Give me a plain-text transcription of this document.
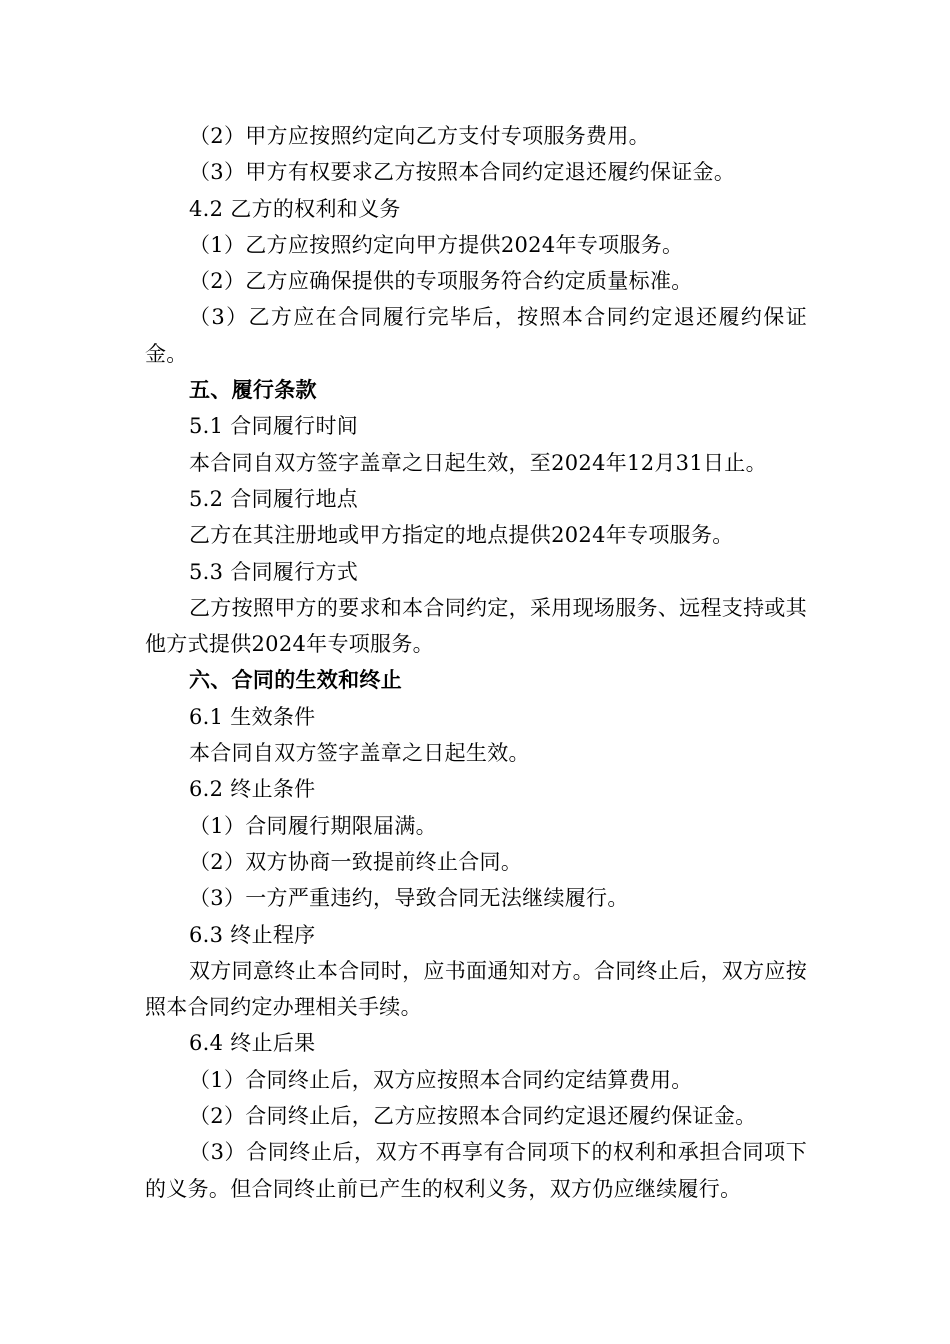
（2）甲方应按照约定向乙方支付专项服务费用。
（3）甲方有权要求乙方按照本合同约定退还履约保证金。
4.2 乙方的权利和义务
（1）乙方应按照约定向甲方提供2024年专项服务。
（2）乙方应确保提供的专项服务符合约定质量标准。
（3）乙方应在合同履行完毕后，按照本合同约定退还履约保证金。
五、履行条款
5.1 合同履行时间
本合同自双方签字盖章之日起生效，至2024年12月31日止。
5.2 合同履行地点
乙方在其注册地或甲方指定的地点提供2024年专项服务。
5.3 合同履行方式
乙方按照甲方的要求和本合同约定，采用现场服务、远程支持或其他方式提供2024年专项服务。
六、合同的生效和终止
6.1 生效条件
本合同自双方签字盖章之日起生效。
6.2 终止条件
（1）合同履行期限届满。
（2）双方协商一致提前终止合同。
（3）一方严重违约，导致合同无法继续履行。
6.3 终止程序
双方同意终止本合同时，应书面通知对方。合同终止后，双方应按照本合同约定办理相关手续。
6.4 终止后果
（1）合同终止后，双方应按照本合同约定结算费用。
（2）合同终止后，乙方应按照本合同约定退还履约保证金。
（3）合同终止后，双方不再享有合同项下的权利和承担合同项下的义务。但合同终止前已产生的权利义务，双方仍应继续履行。
